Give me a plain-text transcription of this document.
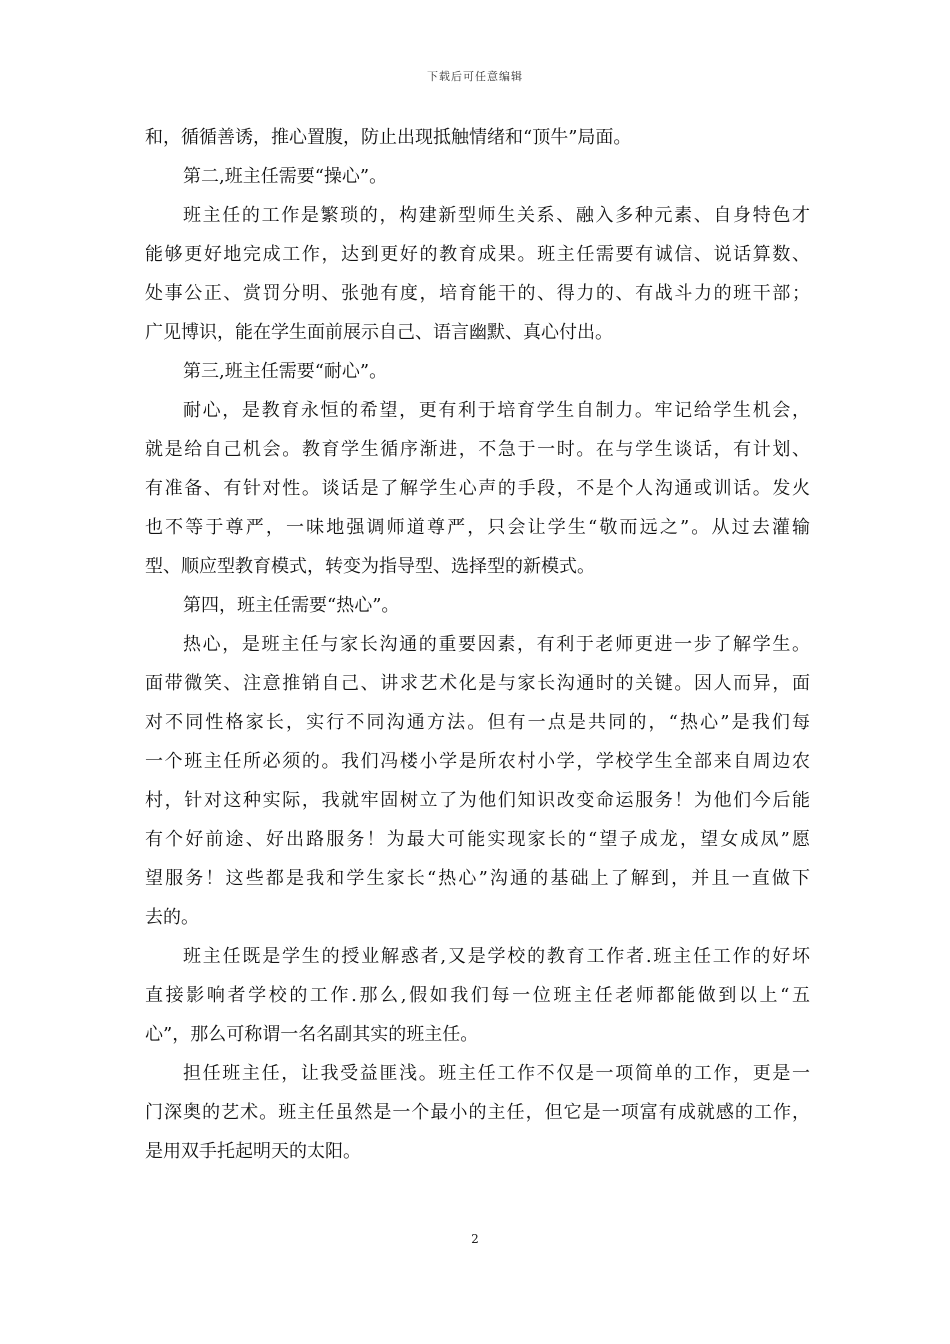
下载后可任意编辑
和，循循善诱，推心置腹，防止出现抵触情绪和“顶牛”局面。
第二,班主任需要“操心”。
班主任的工作是繁琐的，构建新型师生关系、融入多种元素、自身特色才
能够更好地完成工作，达到更好的教育成果。班主任需要有诚信、说话算数、
处事公正、赏罚分明、张弛有度，培育能干的、得力的、有战斗力的班干部；
广见博识，能在学生面前展示自己、语言幽默、真心付出。
第三,班主任需要“耐心”。
耐心，是教育永恒的希望，更有利于培育学生自制力。牢记给学生机会，
就是给自己机会。教育学生循序渐进，不急于一时。在与学生谈话，有计划、
有准备、有针对性。谈话是了解学生心声的手段，不是个人沟通或训话。发火
也不等于尊严，一味地强调师道尊严，只会让学生“敬而远之”。从过去灌输
型、顺应型教育模式，转变为指导型、选择型的新模式。
第四，班主任需要“热心”。
热心，是班主任与家长沟通的重要因素，有利于老师更进一步了解学生。
面带微笑、注意推销自己、讲求艺术化是与家长沟通时的关键。因人而异，面
对不同性格家长，实行不同沟通方法。但有一点是共同的，“热心”是我们每
一个班主任所必须的。我们冯楼小学是所农村小学，学校学生全部来自周边农
村，针对这种实际，我就牢固树立了为他们知识改变命运服务！为他们今后能
有个好前途、好出路服务！为最大可能实现家长的“望子成龙，望女成凤”愿
望服务！这些都是我和学生家长“热心”沟通的基础上了解到，并且一直做下
去的。
班主任既是学生的授业解惑者,又是学校的教育工作者.班主任工作的好坏
直接影响者学校的工作.那么,假如我们每一位班主任老师都能做到以上“五
心”，那么可称谓一名名副其实的班主任。
担任班主任，让我受益匪浅。班主任工作不仅是一项简单的工作，更是一
门深奥的艺术。班主任虽然是一个最小的主任，但它是一项富有成就感的工作，
是用双手托起明天的太阳。
2
